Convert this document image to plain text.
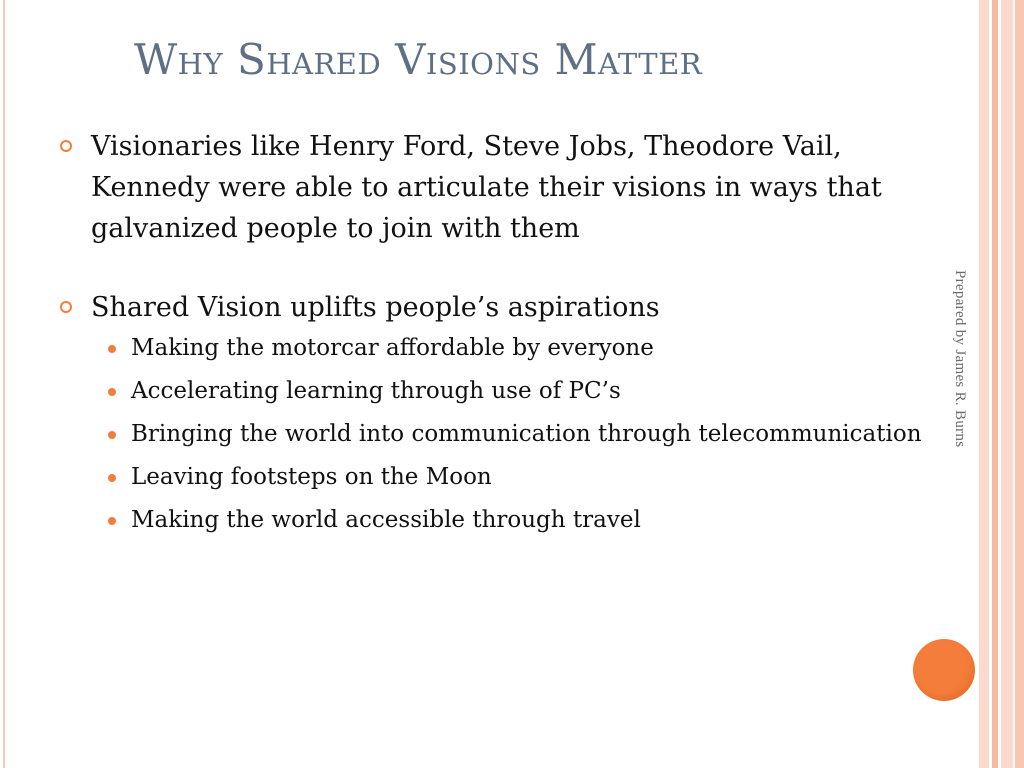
Why Shared Visions Matter
Visionaries like Henry Ford, Steve Jobs, Theodore Vail, Kennedy were able to articulate their visions in ways that galvanized people to join with them
Shared Vision uplifts people’s aspirations
Making the motorcar affordable by everyone
Accelerating learning through use of PC’s
Bringing the world into communication through telecommunication
Leaving footsteps on the Moon
Making the world accessible through travel
Prepared by James R. Burns
